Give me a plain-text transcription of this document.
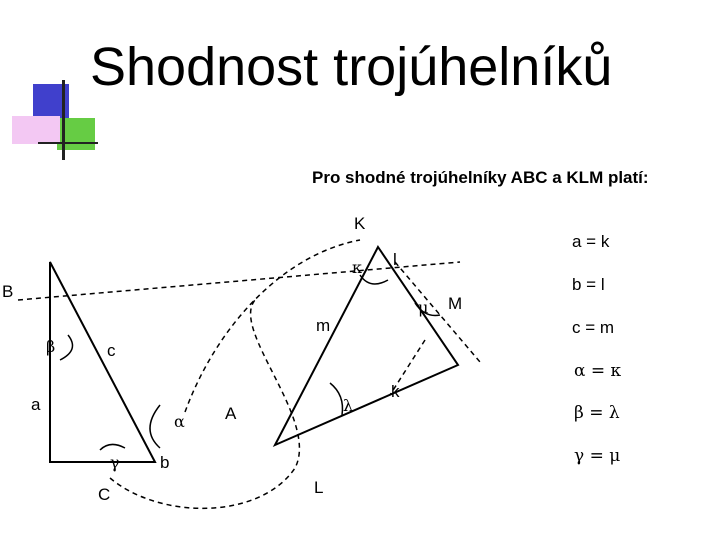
Shodnost trojúhelníků
Pro shodné trojúhelníky ABC a KLM platí:
K
B
M
A
C	L
l
m
c
a
k
b
κ
μ
β
λ
α
γ
a = k
b = l
c = m
α = κ
β = λ
γ = μ
